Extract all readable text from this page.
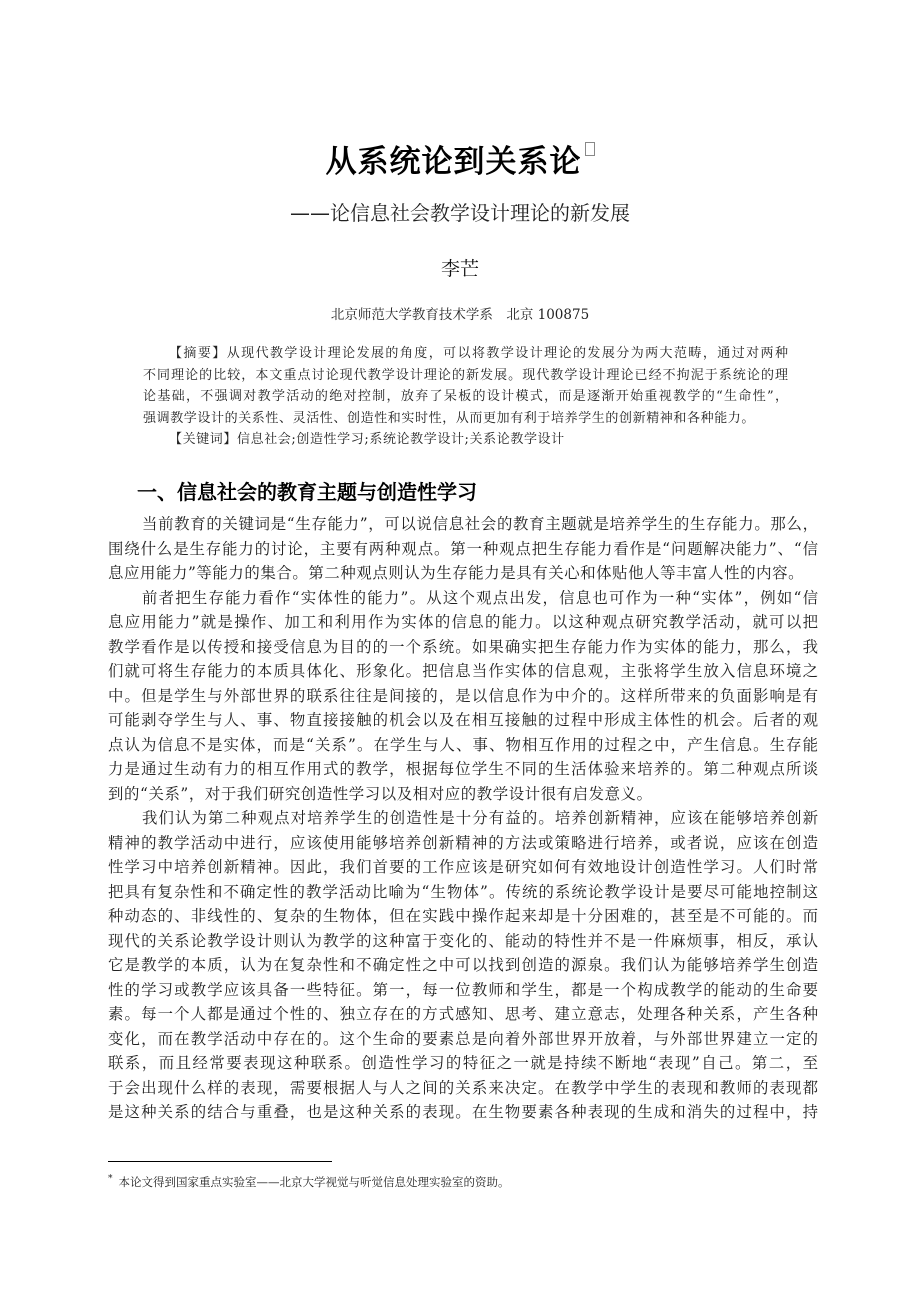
从系统论到关系论
——论信息社会教学设计理论的新发展
李芒
北京师范大学教育技术学系　北京 100875
【摘要】从现代教学设计理论发展的角度，可以将教学设计理论的发展分为两大范畴，通过对两种
不同理论的比较，本文重点讨论现代教学设计理论的新发展。现代教学设计理论已经不拘泥于系统论的理
论基础，不强调对教学活动的绝对控制，放弃了呆板的设计模式，而是逐渐开始重视教学的“生命性”，
强调教学设计的关系性、灵活性、创造性和实时性，从而更加有利于培养学生的创新精神和各种能力。
【关键词】信息社会;创造性学习;系统论教学设计;关系论教学设计
一、信息社会的教育主题与创造性学习
当前教育的关键词是“生存能力”，可以说信息社会的教育主题就是培养学生的生存能力。那么，
围绕什么是生存能力的讨论，主要有两种观点。第一种观点把生存能力看作是“问题解决能力”、“信
息应用能力”等能力的集合。第二种观点则认为生存能力是具有关心和体贴他人等丰富人性的内容。
前者把生存能力看作“实体性的能力”。从这个观点出发，信息也可作为一种“实体”，例如“信
息应用能力”就是操作、加工和利用作为实体的信息的能力。以这种观点研究教学活动，就可以把
教学看作是以传授和接受信息为目的的一个系统。如果确实把生存能力作为实体的能力，那么，我
们就可将生存能力的本质具体化、形象化。把信息当作实体的信息观，主张将学生放入信息环境之
中。但是学生与外部世界的联系往往是间接的，是以信息作为中介的。这样所带来的负面影响是有
可能剥夺学生与人、事、物直接接触的机会以及在相互接触的过程中形成主体性的机会。后者的观
点认为信息不是实体，而是“关系”。在学生与人、事、物相互作用的过程之中，产生信息。生存能
力是通过生动有力的相互作用式的教学，根据每位学生不同的生活体验来培养的。第二种观点所谈
到的“关系”，对于我们研究创造性学习以及相对应的教学设计很有启发意义。
我们认为第二种观点对培养学生的创造性是十分有益的。培养创新精神，应该在能够培养创新
精神的教学活动中进行，应该使用能够培养创新精神的方法或策略进行培养，或者说，应该在创造
性学习中培养创新精神。因此，我们首要的工作应该是研究如何有效地设计创造性学习。人们时常
把具有复杂性和不确定性的教学活动比喻为“生物体”。传统的系统论教学设计是要尽可能地控制这
种动态的、非线性的、复杂的生物体，但在实践中操作起来却是十分困难的，甚至是不可能的。而
现代的关系论教学设计则认为教学的这种富于变化的、能动的特性并不是一件麻烦事，相反，承认
它是教学的本质，认为在复杂性和不确定性之中可以找到创造的源泉。我们认为能够培养学生创造
性的学习或教学应该具备一些特征。第一，每一位教师和学生，都是一个构成教学的能动的生命要
素。每一个人都是通过个性的、独立存在的方式感知、思考、建立意志，处理各种关系，产生各种
变化，而在教学活动中存在的。这个生命的要素总是向着外部世界开放着，与外部世界建立一定的
联系，而且经常要表现这种联系。创造性学习的特征之一就是持续不断地“表现”自己。第二，至
于会出现什么样的表现，需要根据人与人之间的关系来决定。在教学中学生的表现和教师的表现都
是这种关系的结合与重叠，也是这种关系的表现。在生物要素各种表现的生成和消失的过程中，持
* 本论文得到国家重点实验室——北京大学视觉与听觉信息处理实验室的资助。
